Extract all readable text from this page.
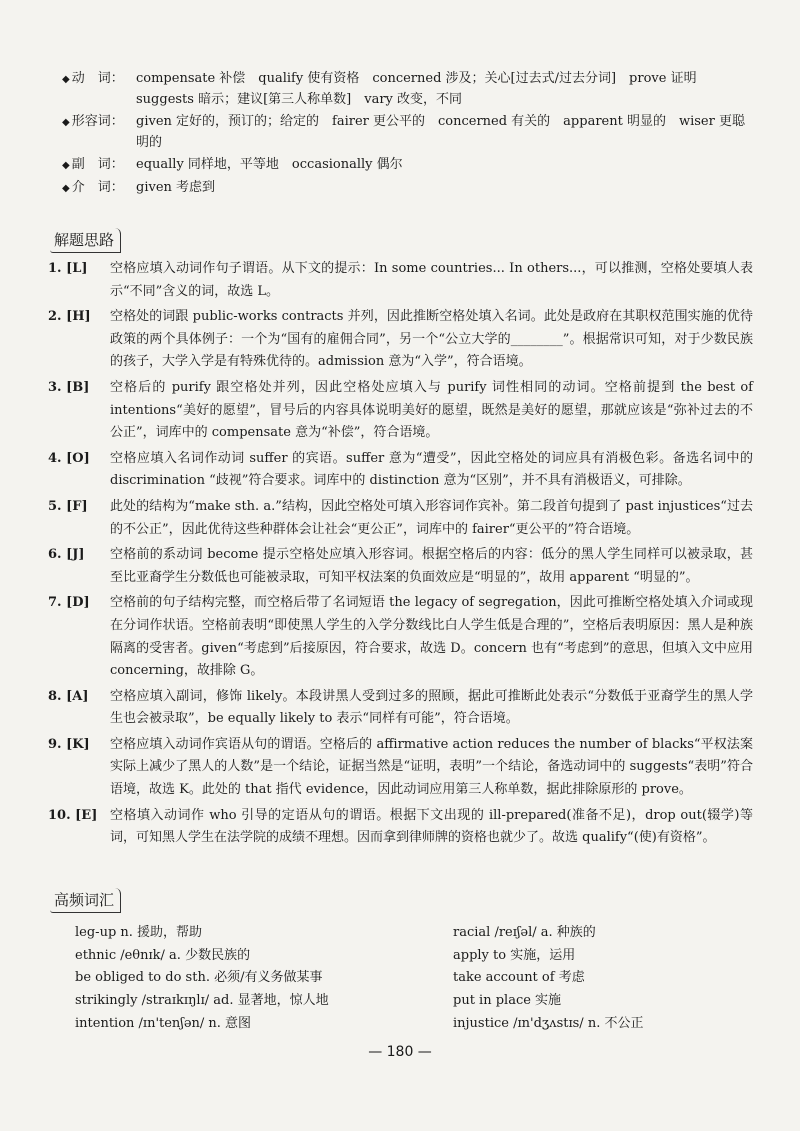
◆ 动　词： compensate 补偿　qualify 使有资格　concerned 涉及；关心[过去式/过去分词]　prove 证明　suggests 暗示；建议[第三人称单数]　vary 改变，不同
◆ 形容词： given 定好的，预订的；给定的　fairer 更公平的　concerned 有关的　apparent 明显的　wiser 更聪明的
◆ 副　词： equally 同样地，平等地　occasionally 偶尔
◆ 介　词： given 考虑到
解题思路
1. [L]	空格应填入动词作句子谓语。从下文的提示：In some countries... In others...，可以推测，空格处要填人表示“不同”含义的词，故选 L。
2. [H]	空格处的词跟 public-works contracts 并列，因此推断空格处填入名词。此处是政府在其职权范围实施的优待政策的两个具体例子：一个为“国有的雇佣合同”，另一个“公立大学的________”。根据常识可知，对于少数民族的孩子，大学入学是有特殊优待的。admission 意为“入学”，符合语境。
3. [B]	空格后的 purify 跟空格处并列，因此空格处应填入与 purify 词性相同的动词。空格前提到 the best of intentions“美好的愿望”，冒号后的内容具体说明美好的愿望，既然是美好的愿望，那就应该是“弥补过去的不公正”，词库中的 compensate 意为“补偿”，符合语境。
4. [O]	空格应填入名词作动词 suffer 的宾语。suffer 意为“遭受”，因此空格处的词应具有消极色彩。备选名词中的 discrimination “歧视”符合要求。词库中的 distinction 意为“区别”，并不具有消极语义，可排除。
5. [F]	此处的结构为“make sth. a.”结构，因此空格处可填入形容词作宾补。第二段首句提到了 past injustices“过去的不公正”，因此优待这些种群体会让社会“更公正”，词库中的 fairer“更公平的”符合语境。
6. [J]	空格前的系动词 become 提示空格处应填入形容词。根据空格后的内容：低分的黑人学生同样可以被录取，甚至比亚裔学生分数低也可能被录取，可知平权法案的负面效应是“明显的”，故用 apparent “明显的”。
7. [D]	空格前的句子结构完整，而空格后带了名词短语 the legacy of segregation，因此可推断空格处填入介词或现在分词作状语。空格前表明“即使黑人学生的入学分数线比白人学生低是合理的”，空格后表明原因：黑人是种族隔离的受害者。given“考虑到”后接原因，符合要求，故选 D。concern 也有“考虑到”的意思，但填入文中应用 concerning，故排除 G。
8. [A]	空格应填入副词，修饰 likely。本段讲黑人受到过多的照顾，据此可推断此处表示“分数低于亚裔学生的黑人学生也会被录取”，be equally likely to 表示“同样有可能”，符合语境。
9. [K]	空格应填入动词作宾语从句的谓语。空格后的 affirmative action reduces the number of blacks“平权法案实际上减少了黑人的人数”是一个结论，证据当然是“证明，表明”一个结论，备选动词中的 suggests“表明”符合语境，故选 K。此处的 that 指代 evidence，因此动词应用第三人称单数，据此排除原形的 prove。
10. [E] 空格填入动词作 who 引导的定语从句的谓语。根据下文出现的 ill-prepared(准备不足)，drop out(辍学)等词，可知黑人学生在法学院的成绩不理想。因而拿到律师牌的资格也就少了。故选 qualify“(使)有资格”。
高频词汇
leg-up n. 援助，帮助
ethnic /eθnɪk/ a. 少数民族的
be obliged to do sth. 必须/有义务做某事
strikingly /straɪkɪŋlɪ/ ad. 显著地，惊人地
intention /ɪn'tenʃən/ n. 意图
racial /reɪʃəl/ a. 种族的
apply to 实施，运用
take account of 考虑
put in place 实施
injustice /ɪn'dʒʌstɪs/ n. 不公正
— 180 —
